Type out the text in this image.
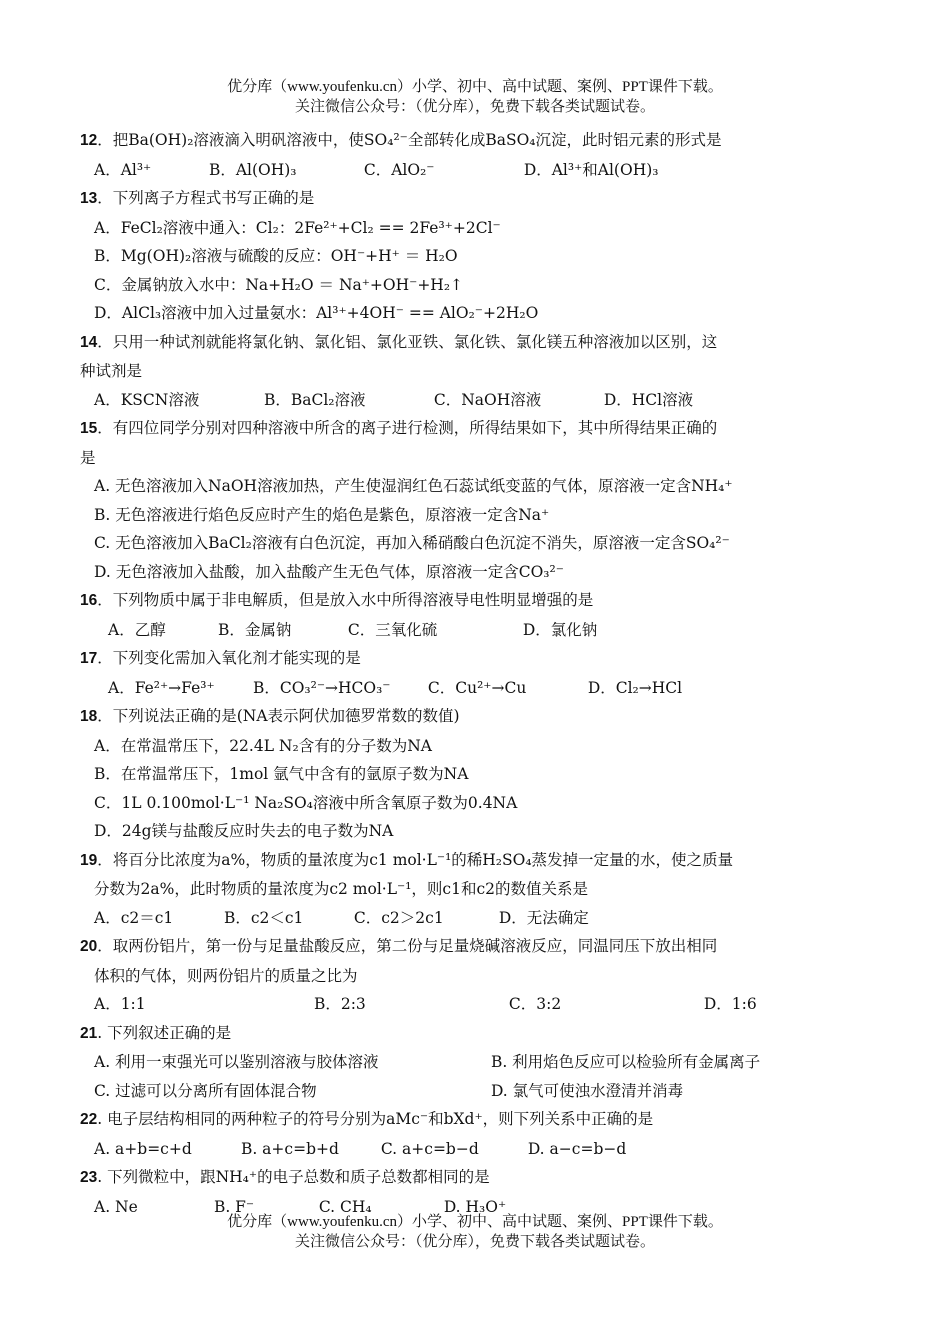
优分库（www.youfenku.cn）小学、初中、高中试题、案例、PPT课件下载。
关注微信公众号：（优分库），免费下载各类试题试卷。
12．把Ba(OH)₂溶液滴入明矾溶液中，使SO₄²⁻全部转化成BaSO₄沉淀，此时铝元素的形式是
A．Al³⁺	B．Al(OH)₃	C．AlO₂⁻	D．Al³⁺和Al(OH)₃
13．下列离子方程式书写正确的是
A．FeCl₂溶液中通入：Cl₂：2Fe²⁺+Cl₂ == 2Fe³⁺+2Cl⁻
B．Mg(OH)₂溶液与硫酸的反应：OH⁻+H⁺ ＝ H₂O
C．金属钠放入水中：Na+H₂O ＝ Na⁺+OH⁻+H₂↑
D．AlCl₃溶液中加入过量氨水：Al³⁺+4OH⁻ == AlO₂⁻+2H₂O
14．只用一种试剂就能将氯化钠、氯化铝、氯化亚铁、氯化铁、氯化镁五种溶液加以区别，这
种试剂是
A．KSCN溶液	B．BaCl₂溶液	C．NaOH溶液	D．HCl溶液
15．有四位同学分别对四种溶液中所含的离子进行检测，所得结果如下，其中所得结果正确的
是
A. 无色溶液加入NaOH溶液加热，产生使湿润红色石蕊试纸变蓝的气体，原溶液一定含NH₄⁺
B. 无色溶液进行焰色反应时产生的焰色是紫色，原溶液一定含Na⁺
C. 无色溶液加入BaCl₂溶液有白色沉淀，再加入稀硝酸白色沉淀不消失，原溶液一定含SO₄²⁻
D. 无色溶液加入盐酸，加入盐酸产生无色气体，原溶液一定含CO₃²⁻
16．下列物质中属于非电解质，但是放入水中所得溶液导电性明显增强的是
A．乙醇	B．金属钠	C．三氧化硫	D．氯化钠
17．下列变化需加入氧化剂才能实现的是
A．Fe²⁺→Fe³⁺ B．CO₃²⁻→HCO₃⁻ C．Cu²⁺→Cu	D．Cl₂→HCl
18．下列说法正确的是(NA表示阿伏加德罗常数的数值)
A．在常温常压下，22.4L N₂含有的分子数为NA
B．在常温常压下，1mol 氩气中含有的氩原子数为NA
C．1L 0.100mol·L⁻¹ Na₂SO₄溶液中所含氧原子数为0.4NA
D．24g镁与盐酸反应时失去的电子数为NA
19．将百分比浓度为a%，物质的量浓度为c1 mol·L⁻¹的稀H₂SO₄蒸发掉一定量的水，使之质量
分数为2a%，此时物质的量浓度为c2 mol·L⁻¹，则c1和c2的数值关系是
A．c2＝c1	B．c2＜c1	C．c2＞2c1	D．无法确定
20．取两份铝片，第一份与足量盐酸反应，第二份与足量烧碱溶液反应，同温同压下放出相同
体积的气体，则两份铝片的质量之比为
A．1:1	B．2:3	C．3:2	D．1:6
21. 下列叙述正确的是
A. 利用一束强光可以鉴别溶液与胶体溶液	B. 利用焰色反应可以检验所有金属离子
C. 过滤可以分离所有固体混合物	D. 氯气可使浊水澄清并消毒
22. 电子层结构相同的两种粒子的符号分别为aMc⁻和bXd⁺，则下列关系中正确的是
A. a+b=c+d	B. a+c=b+d	C. a+c=b−d	D. a−c=b−d
23. 下列微粒中，跟NH₄⁺的电子总数和质子总数都相同的是
A. Ne	B. F⁻	C. CH₄	D. H₃O⁺
优分库（www.youfenku.cn）小学、初中、高中试题、案例、PPT课件下载。
关注微信公众号：（优分库），免费下载各类试题试卷。
